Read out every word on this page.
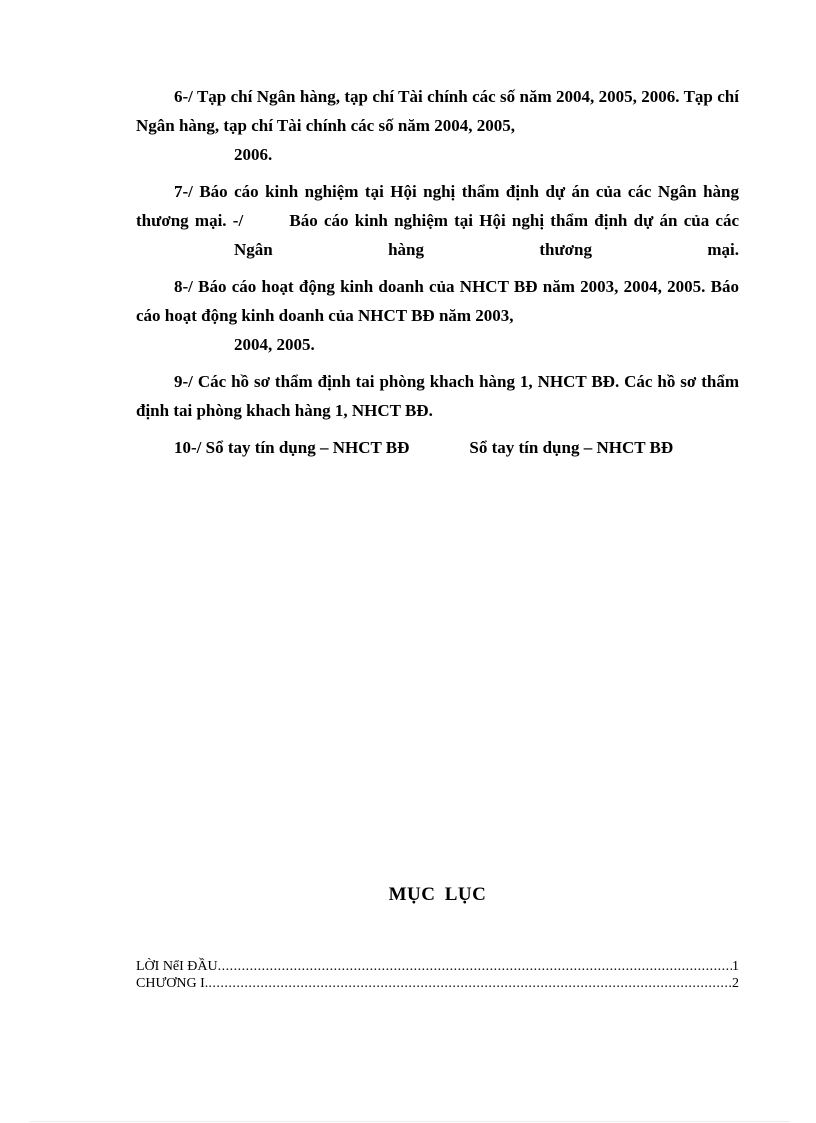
6-/ Tạp chí Ngân hàng, tạp chí Tài chính các số năm 2004, 2005, 2006. Tạp chí Ngân hàng, tạp chí Tài chính các số năm 2004, 2005,
2006.

7-/ Báo cáo kinh nghiệm tại Hội nghị thẩm định dự án của các Ngân hàng thương mại. -/	Báo cáo kinh nghiệm tại Hội nghị thẩm định dự án của các
Ngân hàng thương mại.

8-/ Báo cáo hoạt động kinh doanh của NHCT BĐ năm 2003, 2004, 2005. Báo cáo hoạt động kinh doanh của NHCT BĐ năm 2003,
2004, 2005.

9-/ Các hồ sơ thẩm định tai phòng khach hàng 1, NHCT BĐ. Các hồ sơ thẩm định tai phòng khach hàng 1, NHCT BĐ.

10-/ Sổ tay tín dụng – NHCT BĐ	Sổ tay tín dụng – NHCT BĐ

MỤC LỤC
LỜI NểI ĐẦU .....	1
CHƯƠNG I. .....	2
